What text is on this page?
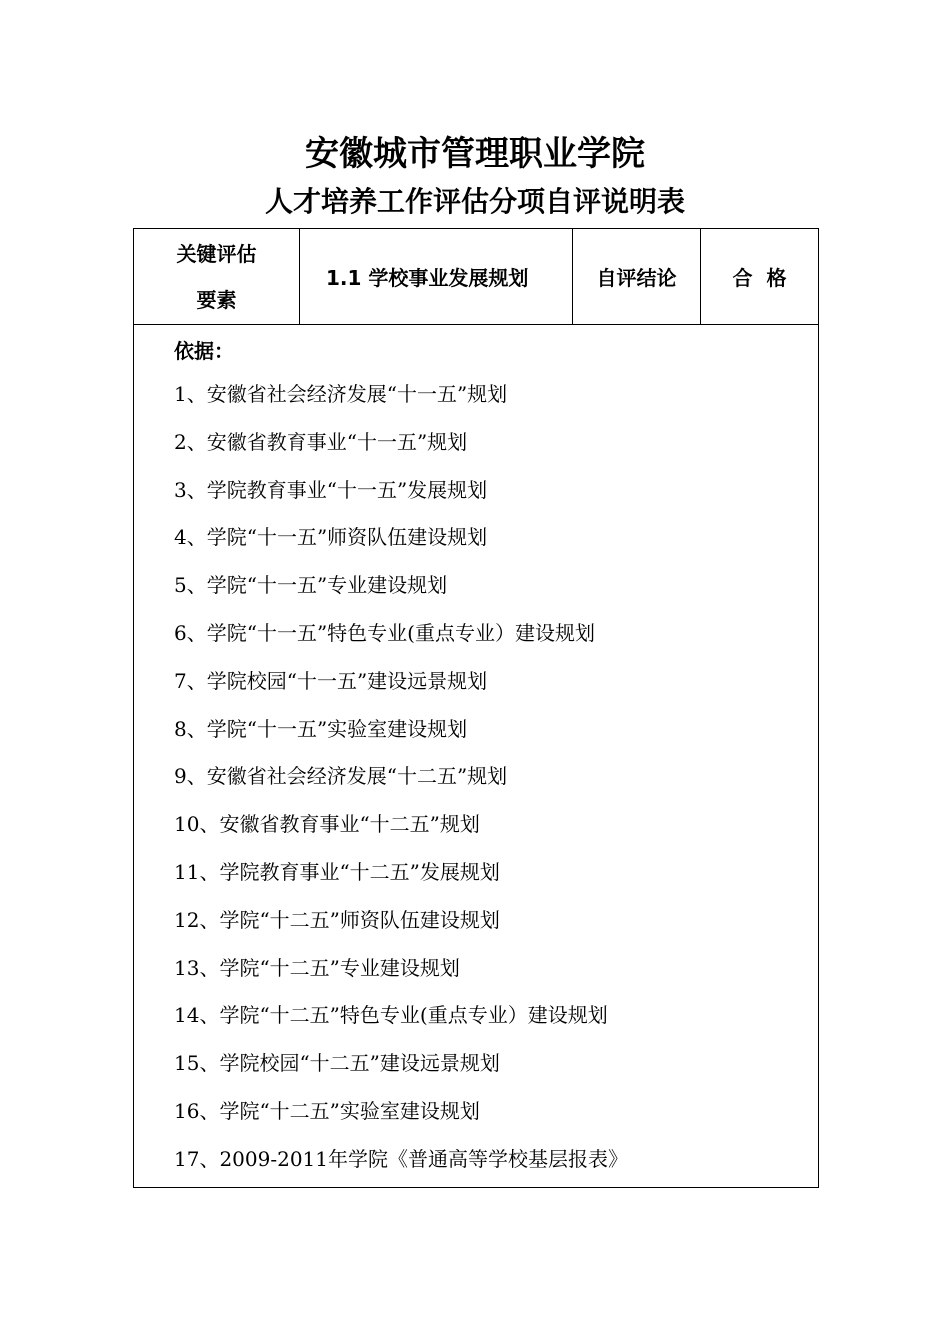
安徽城市管理职业学院
人才培养工作评估分项自评说明表
关键评估
要素
	1.1 学校事业发展规划	自评结论	合  格

依据：
1、安徽省社会经济发展“十一五”规划
2、安徽省教育事业“十一五”规划
3、学院教育事业“十一五”发展规划
4、学院“十一五”师资队伍建设规划
5、学院“十一五”专业建设规划
6、学院“十一五”特色专业(重点专业）建设规划
7、学院校园“十一五”建设远景规划
8、学院“十一五”实验室建设规划
9、安徽省社会经济发展“十二五”规划
10、安徽省教育事业“十二五”规划
11、学院教育事业“十二五”发展规划
12、学院“十二五”师资队伍建设规划
13、学院“十二五”专业建设规划
14、学院“十二五”特色专业(重点专业）建设规划
15、学院校园“十二五”建设远景规划
16、学院“十二五”实验室建设规划
17、2009-2011年学院《普通高等学校基层报表》
